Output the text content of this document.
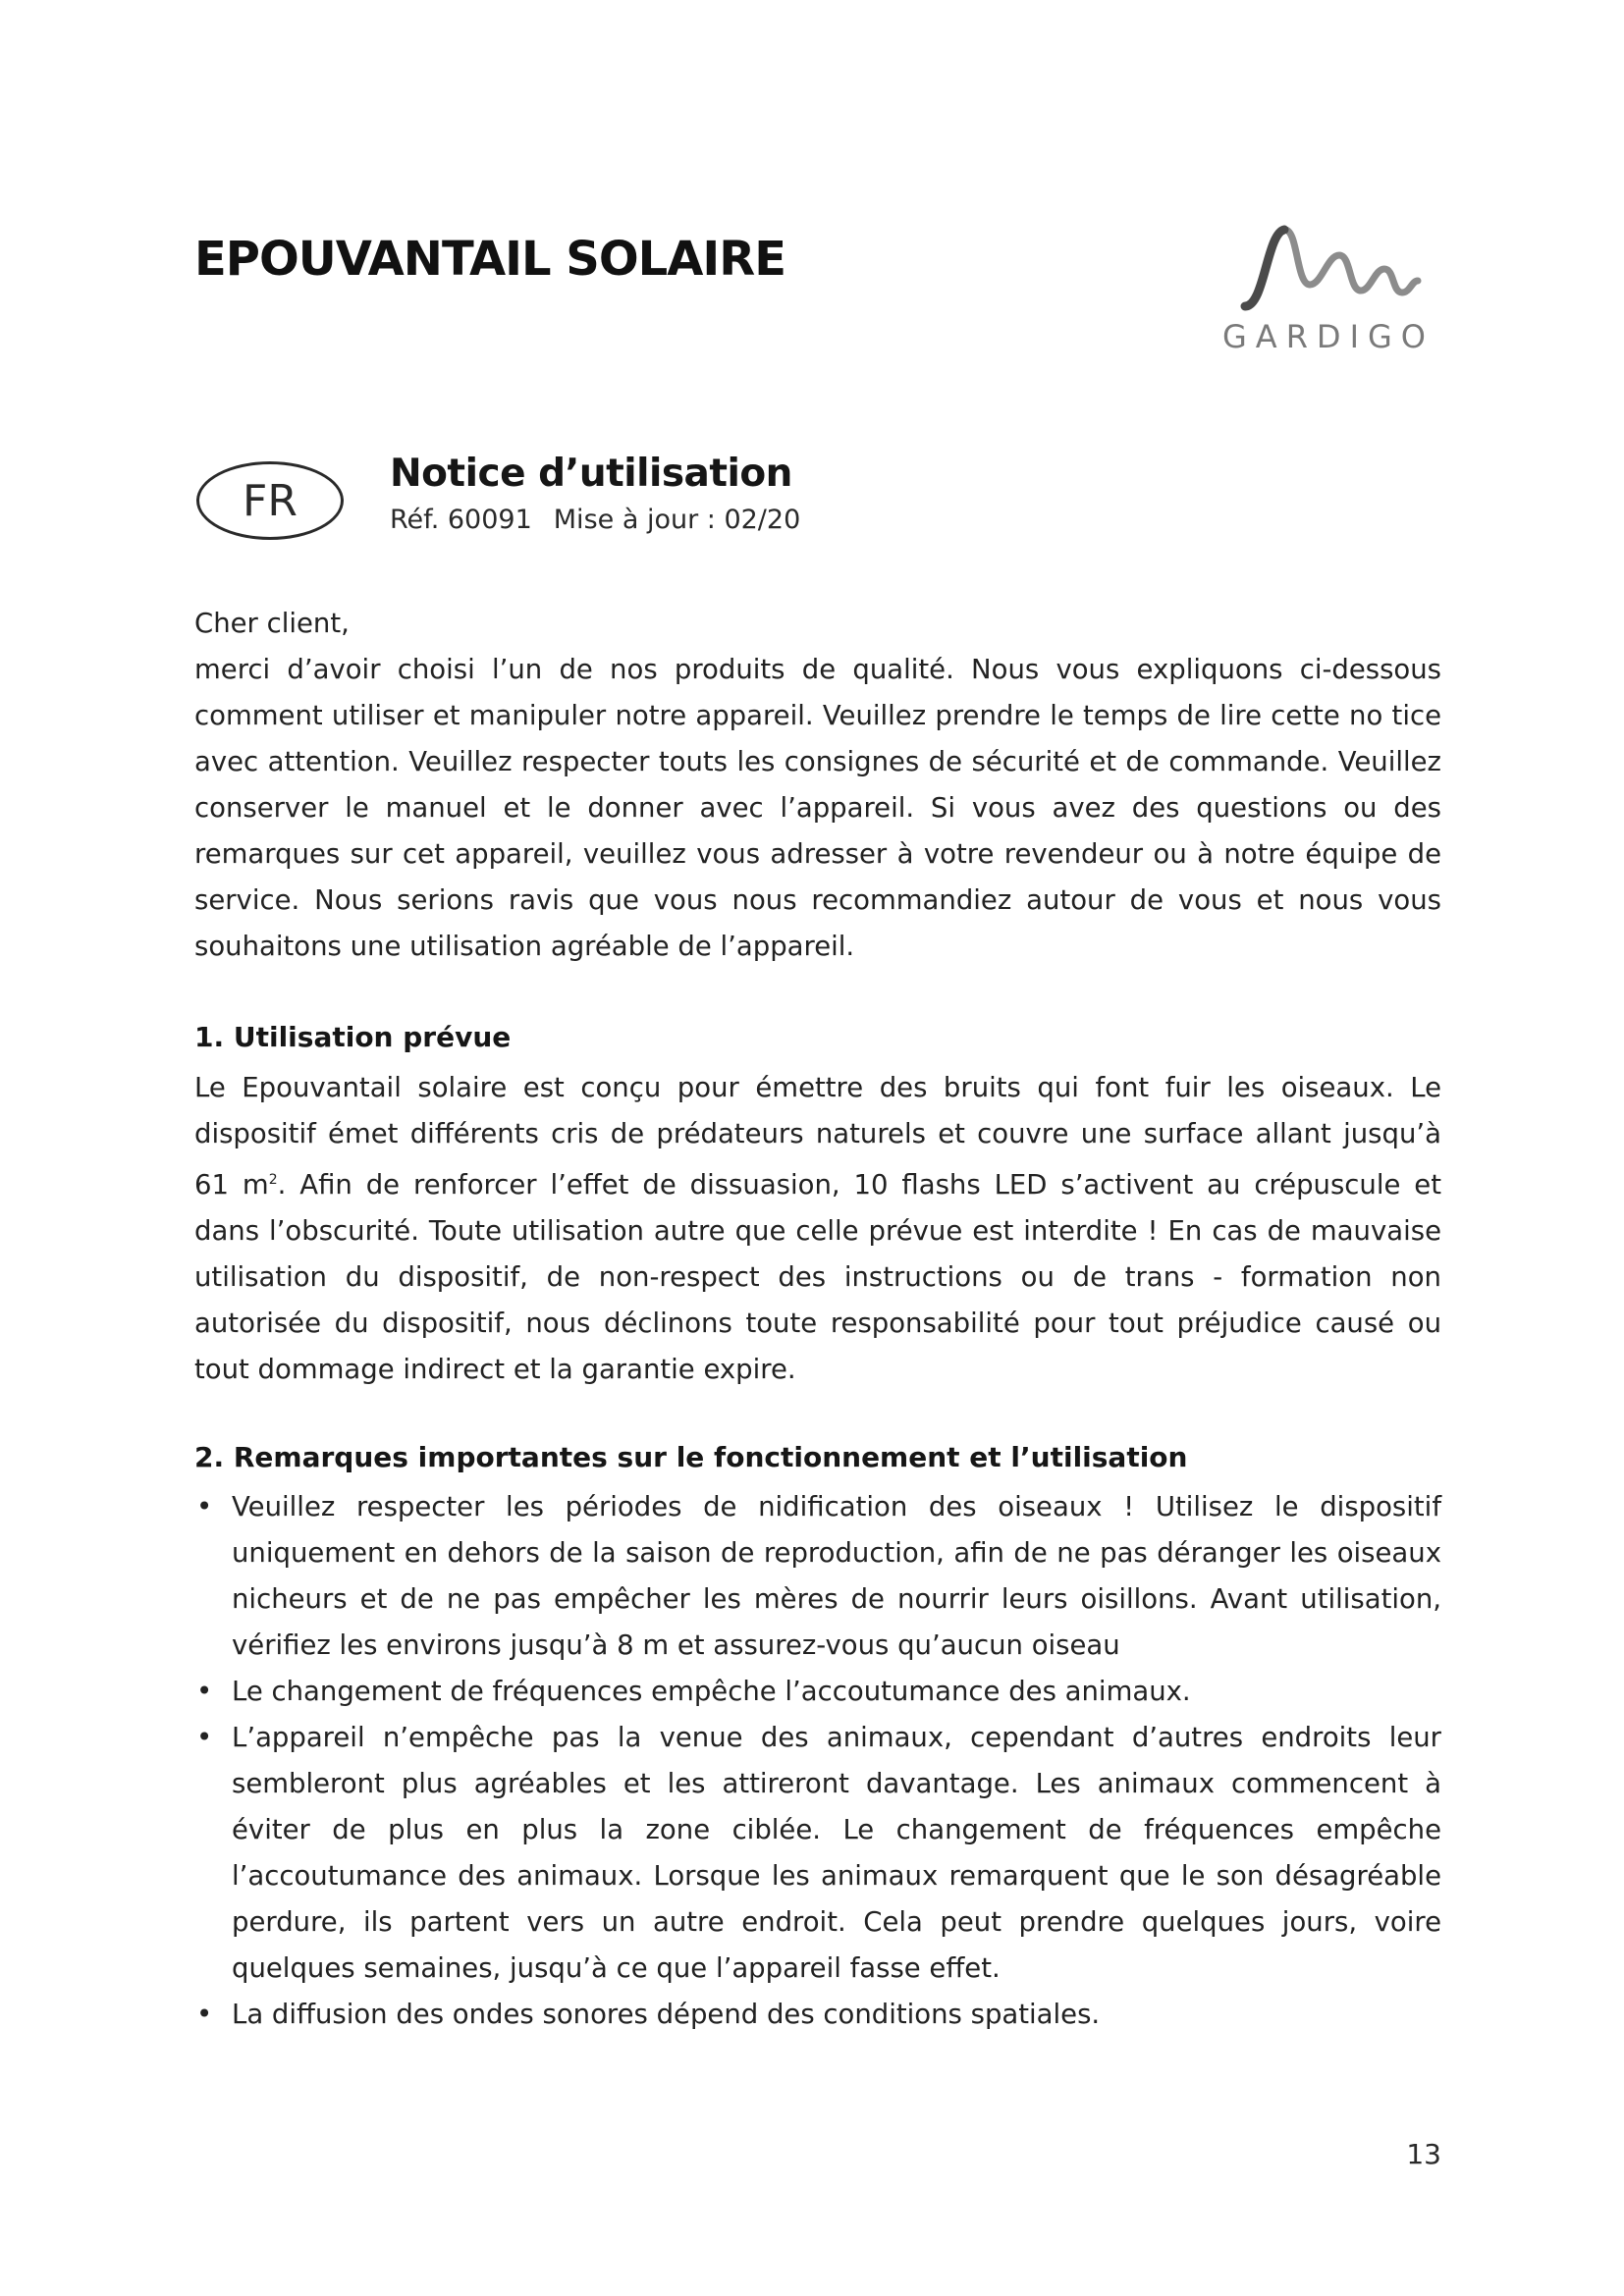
EPOUVANTAIL SOLAIRE
GARDIGO
FR
Notice d’utilisation
Réf. 60091 Mise à jour : 02/20

Cher client,

merci d’avoir choisi l’un de nos produits de qualité. Nous vous expliquons ci-dessous comment utiliser et manipuler notre appareil. Veuillez prendre le temps de lire cette no tice avec attention. Veuillez respecter touts les consignes de sécurité et de commande. Veuillez conserver le manuel et le donner avec l’appareil. Si vous avez des questions ou des remarques sur cet appareil, veuillez vous adresser à votre revendeur ou à notre équipe de service. Nous serions ravis que vous nous recommandiez autour de vous et nous vous souhaitons une utilisation agréable de l’appareil.

1. Utilisation prévue

Le Epouvantail solaire est conçu pour émettre des bruits qui font fuir les oiseaux. Le dispositif émet différents cris de prédateurs naturels et couvre une surface allant jusqu’à 61 $m^2$. Afin de renforcer l’effet de dissuasion, 10 flashs LED s’activent au crépuscule et dans l’obscurité. Toute utilisation autre que celle prévue est interdite ! En cas de mauvaise utilisation du dispositif, de non-respect des instructions ou de trans - formation non autorisée du dispositif, nous déclinons toute responsabilité pour tout préjudice causé ou tout dommage indirect et la garantie expire.

2. Remarques importantes sur le fonctionnement et l’utilisation
• Veuillez respecter les périodes de nidification des oiseaux ! Utilisez le dispositif uniquement en dehors de la saison de reproduction, afin de ne pas déranger les oiseaux nicheurs et de ne pas empêcher les mères de nourrir leurs oisillons. Avant utilisation, vérifiez les environs jusqu’à 8 m et assurez-vous qu’aucun oiseau
• Le changement de fréquences empêche l’accoutumance des animaux.
• L’appareil n’empêche pas la venue des animaux, cependant d’autres endroits leur sembleront plus agréables et les attireront davantage. Les animaux commencent à éviter de plus en plus la zone ciblée. Le changement de fréquences empêche l’accoutumance des animaux. Lorsque les animaux remarquent que le son désagréable perdure, ils partent vers un autre endroit. Cela peut prendre quelques jours, voire quelques semaines, jusqu’à ce que l’appareil fasse effet.
• La diffusion des ondes sonores dépend des conditions spatiales.
13
